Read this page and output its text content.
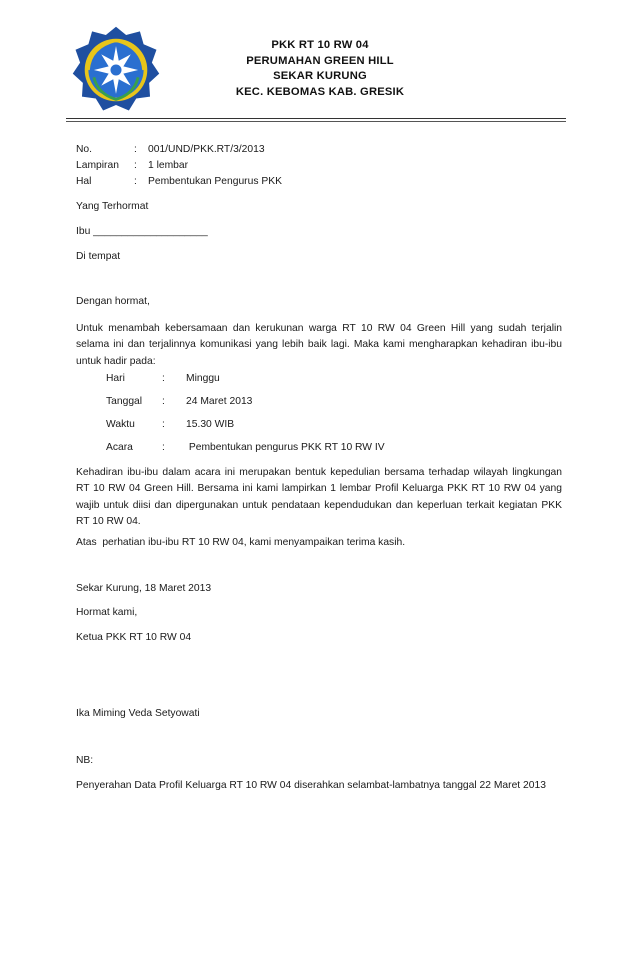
PKK RT 10 RW 04
PERUMAHAN GREEN HILL
SEKAR KURUNG
KEC. KEBOMAS KAB. GRESIK
No.	: 001/UND/PKK.RT/3/2013
Lampiran : 1 lembar
Hal	: Pembentukan Pengurus PKK
Yang Terhormat
Ibu ____________________
Di tempat
Dengan hormat,
Untuk menambah kebersamaan dan kerukunan warga RT 10 RW 04 Green Hill yang sudah terjalin selama ini dan terjalinnya komunikasi yang lebih baik lagi. Maka kami mengharapkan kehadiran ibu-ibu untuk hadir pada:
Hari	: Minggu
Tanggal : 24 Maret 2013
Waktu	: 15.30 WIB
Acara	: Pembentukan pengurus PKK RT 10 RW IV
Kehadiran ibu-ibu dalam acara ini merupakan bentuk kepedulian bersama terhadap wilayah lingkungan RT 10 RW 04 Green Hill. Bersama ini kami lampirkan 1 lembar Profil Keluarga PKK RT 10 RW 04 yang wajib untuk diisi dan dipergunakan untuk pendataan kependudukan dan keperluan terkait kegiatan PKK RT 10 RW 04.
Atas  perhatian ibu-ibu RT 10 RW 04, kami menyampaikan terima kasih.
Sekar Kurung, 18 Maret 2013
Hormat kami,
Ketua PKK RT 10 RW 04
Ika Miming Veda Setyowati
NB:
Penyerahan Data Profil Keluarga RT 10 RW 04 diserahkan selambat-lambatnya tanggal 22 Maret 2013
